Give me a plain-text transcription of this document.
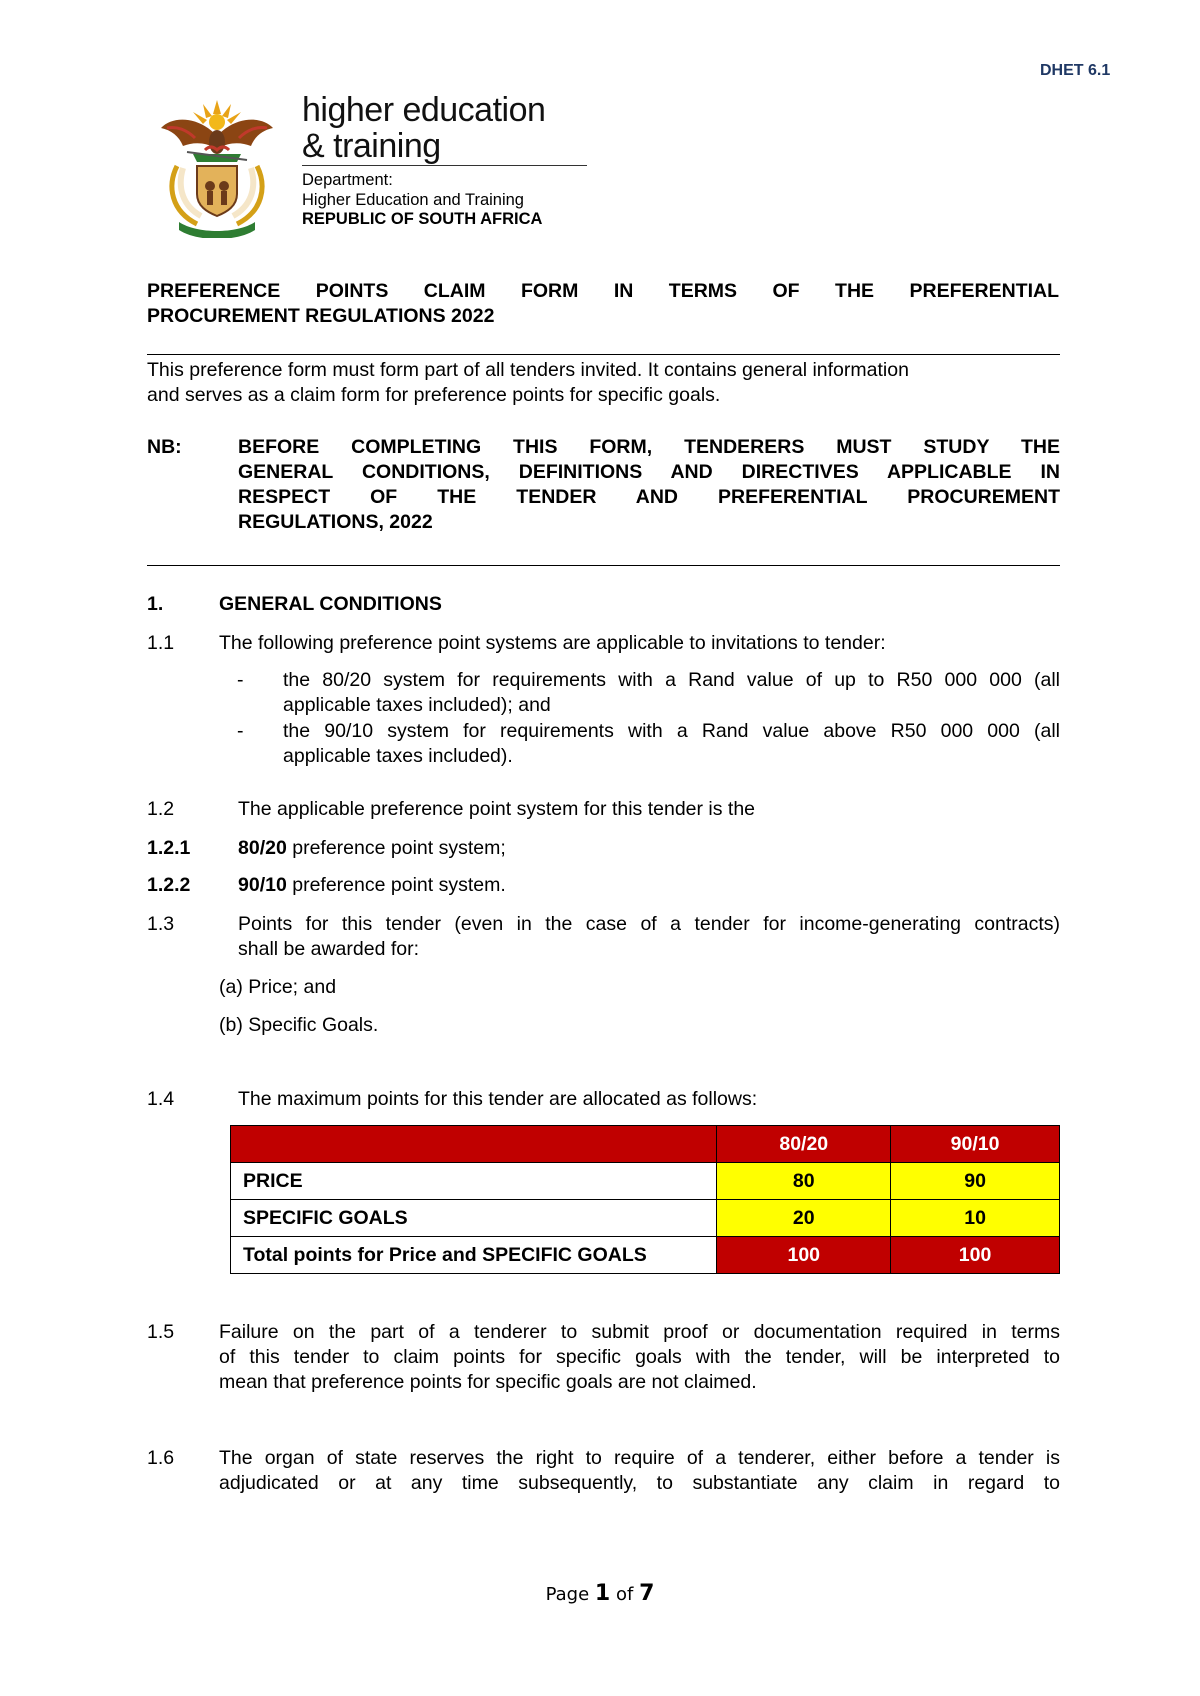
DHET 6.1
higher education
& training
Department:
Higher Education and Training
REPUBLIC OF SOUTH AFRICA
PREFERENCE POINTS CLAIM FORM IN TERMS OF THE PREFERENTIAL
PROCUREMENT REGULATIONS 2022
This preference form must form part of all tenders invited. It contains general information
and serves as a claim form for preference points for specific goals.
NB:	BEFORE COMPLETING THIS FORM, TENDERERS MUST STUDY THE
GENERAL CONDITIONS, DEFINITIONS AND DIRECTIVES APPLICABLE IN
RESPECT OF THE TENDER AND PREFERENTIAL PROCUREMENT
REGULATIONS, 2022
1.	GENERAL CONDITIONS
1.1 The following preference point systems are applicable to invitations to tender:
- the 80/20 system for requirements with a Rand value of up to R50 000 000 (all
applicable taxes included); and
- the 90/10 system for requirements with a Rand value above R50 000 000 (all
applicable taxes included).
1.2	The applicable preference point system for this tender is the
1.2.1 80/20 preference point system;
1.2.2 90/10 preference point system.
1.3	Points for this tender (even in the case of a tender for income-generating contracts)
shall be awarded for:
(a) Price; and
(b) Specific Goals.
1.4	The maximum points for this tender are allocated as follows:
	80/20	90/10
PRICE	80	90
SPECIFIC GOALS	20	10
Total points for Price and SPECIFIC GOALS	100	100
1.5 Failure on the part of a tenderer to submit proof or documentation required in terms
of this tender to claim points for specific goals with the tender, will be interpreted to
mean that preference points for specific goals are not claimed.
1.6 The organ of state reserves the right to require of a tenderer, either before a tender is
adjudicated or at any time subsequently, to substantiate any claim in regard to
Page 1 of 7
